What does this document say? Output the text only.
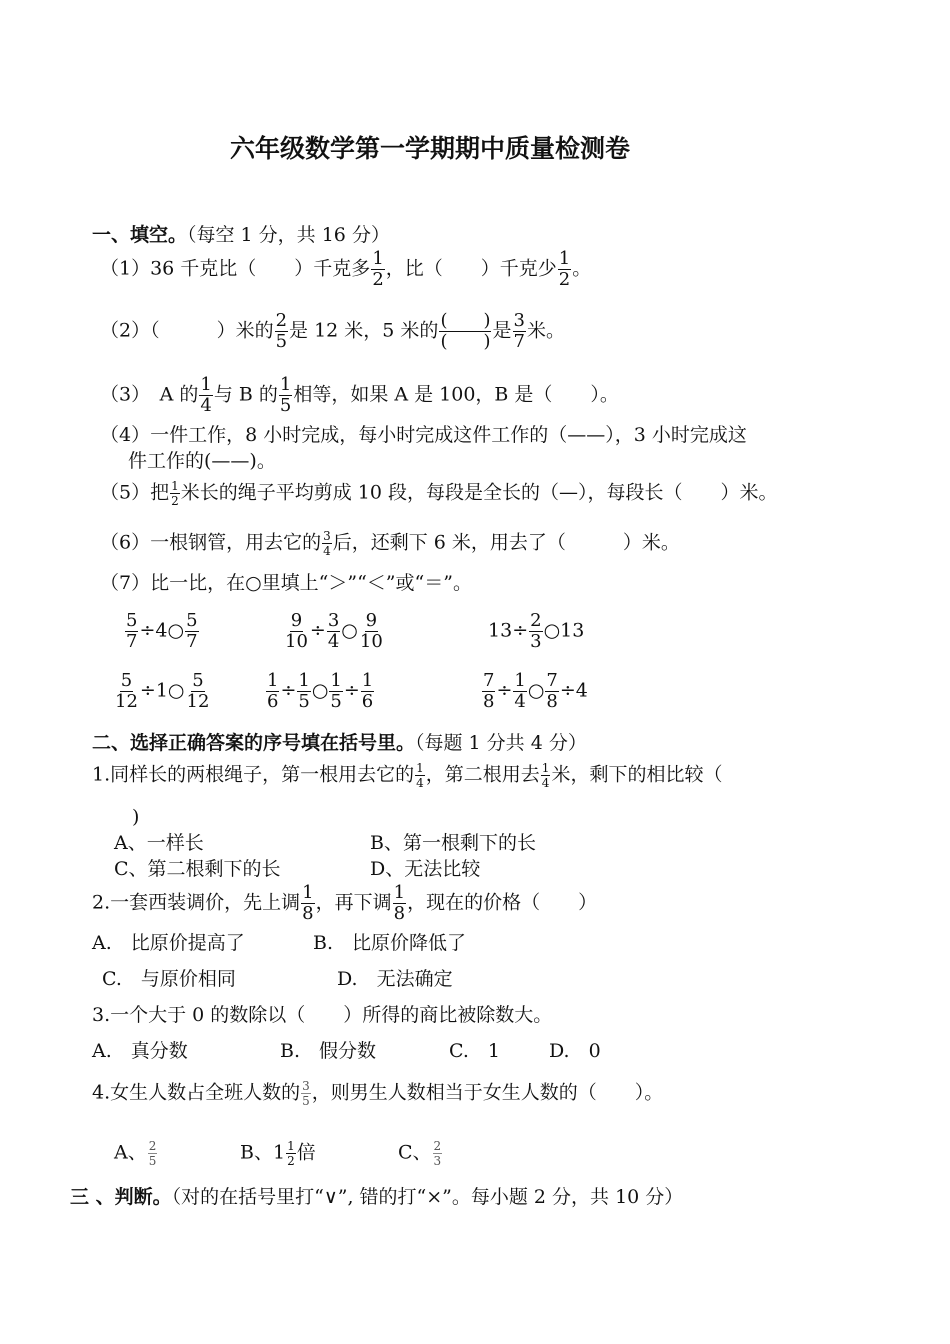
六年级数学第一学期期中质量检测卷
一、填空。（每空 1 分，共 16 分）
（1）36 千克比（　　）千克多 $\frac{1}{2}$ ，比（　　）千克少 $\frac{1}{2}$ 。
（2）（　　　）米的 $\frac{2}{5}$ 是 12 米，5 米的 (　　)
(　　) 是 $\frac{3}{7}$ 米。
（3）　A 的 $\frac{1}{4}$ 与 B 的 $\frac{1}{5}$ 相等，如果 A 是 100，B 是（　　）。
（4）一件工作，8 小时完成，每小时完成这件工作的（——），3 小时完成这
件工作的(——)。
（5）把 $\frac{1}{2}$ 米长的绳子平均剪成 10 段，每段是全长的（—），每段长（　　）米。
（6）一根钢管，用去它的 $\frac{3}{4}$ 后，还剩下 6 米，用去了（　　　）米。
（7）比一比，在○里填上“＞”“＜”或“＝”。
$\frac{5}{7}$ ÷4○ $\frac{5}{7}$	$\frac{9}{10} \div \frac{3}{4}$ ○ $\frac{9}{10}$	$13\div \frac{2}{3}$ ○13
$\frac{5}{12}$ ÷1○ $\frac{5}{12}$	$\frac{1}{6} \div \frac{1}{5}$ ○ $\frac{1}{5} \div \frac{1}{6}$	$\frac{7}{8} \div \frac{1}{4}$ ○ $\frac{7}{8} \div 4$
二、选择正确答案的序号填在括号里。（每题 1 分共 4 分）
1.同样长的两根绳子，第一根用去它的 $\frac{1}{4}$ ，第二根用去 $\frac{1}{4}$ 米，剩下的相比较（
)
A、一样长	B、第一根剩下的长
C、第二根剩下的长	D、无法比较
2.一套西装调价，先上调 $\frac{1}{8}$ ，再下调 $\frac{1}{8}$ ，现在的价格（　　）
A.　比原价提高了	B.　比原价降低了
C.　与原价相同	D.　无法确定
3.一个大于 0 的数除以（　　）所得的商比被除数大。
A.　真分数	B.　假分数	C.　1	D.　0
4.女生人数占全班人数的 $\frac{3}{5}$ ，则男生人数相当于女生人数的（　　）。
A、 $\frac{2}{5}$	B、$1 \frac{1}{2}$ 倍	C、 $\frac{2}{3}$
三 、判断。（对的在括号里打“∨”, 错的打“×”。每小题 2 分，共 10 分）
